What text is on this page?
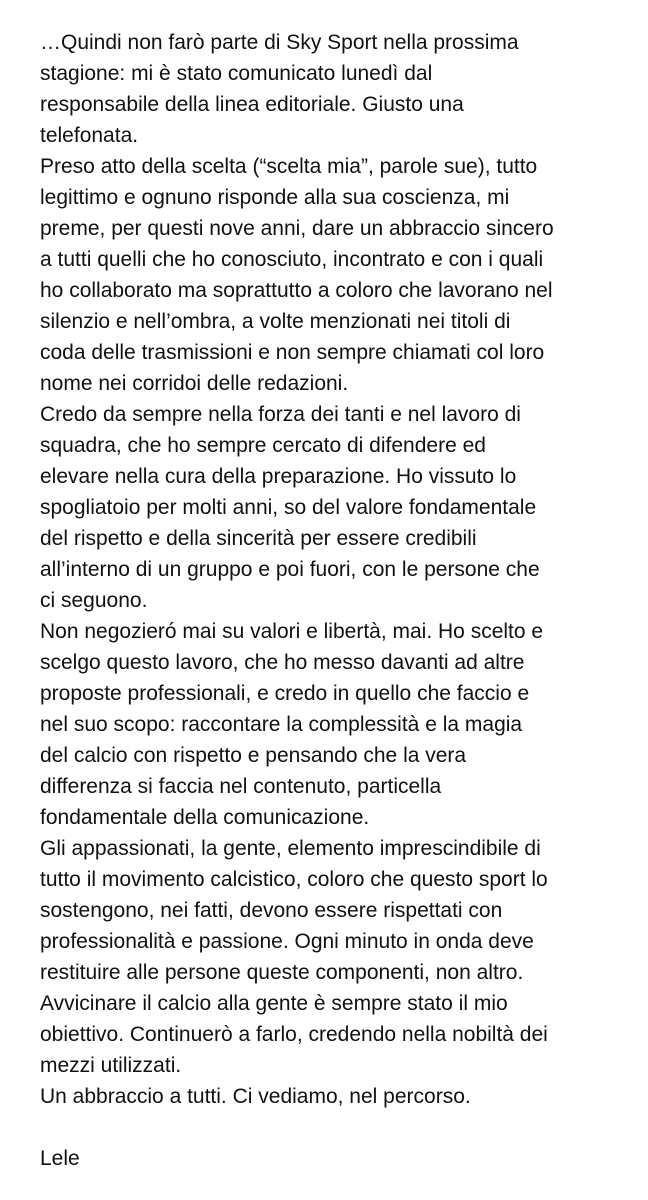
…Quindi non farò parte di Sky Sport nella prossima
stagione: mi è stato comunicato lunedì dal
responsabile della linea editoriale. Giusto una
telefonata.
Preso atto della scelta (“scelta mia”, parole sue), tutto
legittimo e ognuno risponde alla sua coscienza, mi
preme, per questi nove anni, dare un abbraccio sincero
a tutti quelli che ho conosciuto, incontrato e con i quali
ho collaborato ma soprattutto a coloro che lavorano nel
silenzio e nell’ombra, a volte menzionati nei titoli di
coda delle trasmissioni e non sempre chiamati col loro
nome nei corridoi delle redazioni.
Credo da sempre nella forza dei tanti e nel lavoro di
squadra, che ho sempre cercato di difendere ed
elevare nella cura della preparazione. Ho vissuto lo
spogliatoio per molti anni, so del valore fondamentale
del rispetto e della sincerità per essere credibili
all’interno di un gruppo e poi fuori, con le persone che
ci seguono.
Non negozieró mai su valori e libertà, mai. Ho scelto e
scelgo questo lavoro, che ho messo davanti ad altre
proposte professionali, e credo in quello che faccio e
nel suo scopo: raccontare la complessità e la magia
del calcio con rispetto e pensando che la vera
differenza si faccia nel contenuto, particella
fondamentale della comunicazione.
Gli appassionati, la gente, elemento imprescindibile di
tutto il movimento calcistico, coloro che questo sport lo
sostengono, nei fatti, devono essere rispettati con
professionalità e passione. Ogni minuto in onda deve
restituire alle persone queste componenti, non altro.
Avvicinare il calcio alla gente è sempre stato il mio
obiettivo. Continuerò a farlo, credendo nella nobiltà dei
mezzi utilizzati.
Un abbraccio a tutti. Ci vediamo, nel percorso.
Lele
